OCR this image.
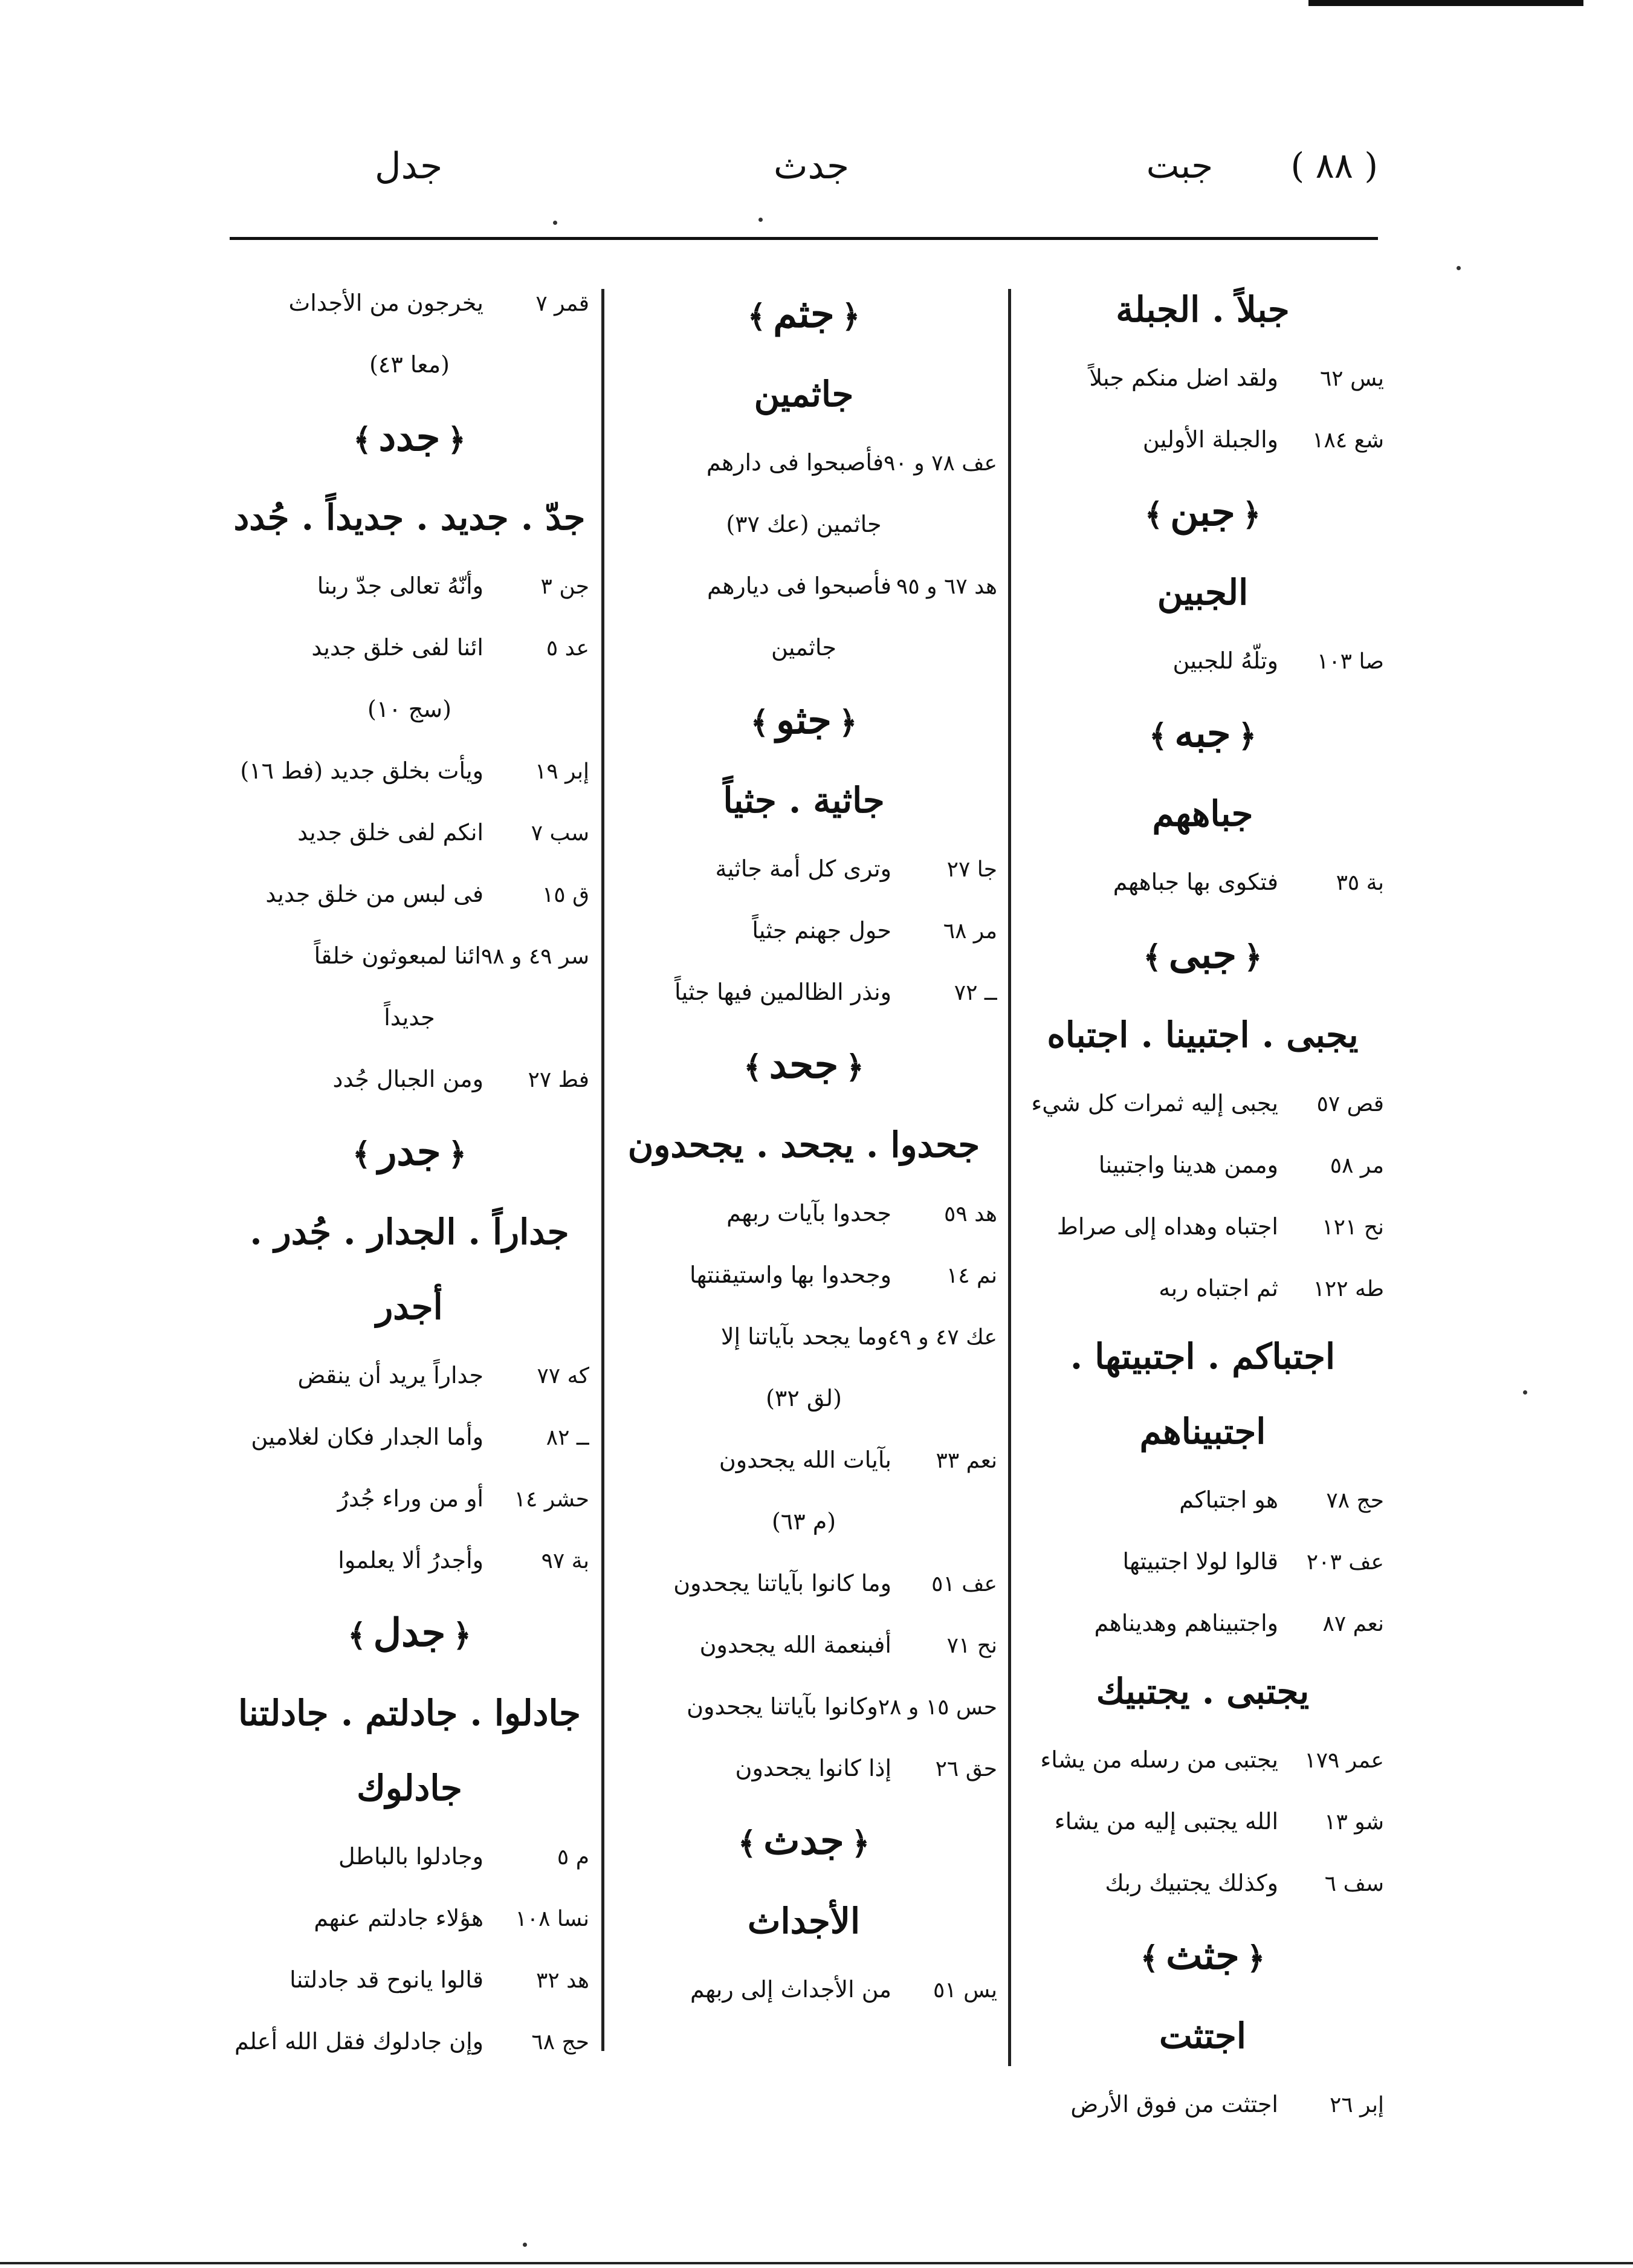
( ٨٨ ) جبت
جدث
جدل
جبلاً . الجبلة
يس ٦٢ولقد اضل منكم جبلاً
شع ١٨٤والجبلة الأولين
﴿جبن﴾
الجبين
صا ١٠٣وتلّهُ للجبين
﴿جبه﴾
جباههم
بة ٣٥فتكوى بها جباههم
﴿جبى﴾
يجبى . اجتبينا . اجتباه
قص ٥٧يجبى إليه ثمرات كل شيء
مر ٥٨وممن هدينا واجتبينا
نح ١٢١اجتباه وهداه إلى صراط
طه ١٢٢ثم اجتباه ربه
اجتباكم . اجتبيتها . اجتبيناهم
حج ٧٨هو اجتباكم
عف ٢٠٣قالوا لولا اجتبيتها
نعم ٨٧واجتبيناهم وهديناهم
يجتبى . يجتبيك
عمر ١٧٩يجتبى من رسله من يشاء
شو ١٣الله يجتبى إليه من يشاء
سف ٦وكذلك يجتبيك ربك
﴿جثث﴾
اجتثت
إبر ٢٦اجتثت من فوق الأرض
﴿جثم﴾
جاثمين
عف ٧٨ و ٩٠فأصبحوا فى دارهم
جاثمين (عك ٣٧)
هد ٦٧ و ٩٥فأصبحوا فى ديارهم
جاثمين
﴿جثو﴾
جاثية . جثياً
جا ٢٧وترى كل أمة جاثية
مر ٦٨حول جهنم جثياً
ــ ٧٢ونذر الظالمين فيها جثياً
﴿جحد﴾
جحدوا . يجحد . يجحدون
هد ٥٩جحدوا بآيات ربهم
نم ١٤وجحدوا بها واستيقنتها
عك ٤٧ و ٤٩وما يجحد بآياتنا إلا
(لق ٣٢)
نعم ٣٣بآيات الله يجحدون
(م ٦٣)
عف ٥١وما كانوا بآياتنا يجحدون
نح ٧١أفبنعمة الله يجحدون
حس ١٥ و ٢٨وكانوا بآياتنا يجحدون
حق ٢٦إذا كانوا يجحدون
﴿جدث﴾
الأجداث
يس ٥١من الأجداث إلى ربهم
قمر ٧يخرجون من الأجداث
(معا ٤٣)
﴿جدد﴾
جدّ . جديد . جديداً . جُدد
جن ٣وأنّهُ تعالى جدّ ربنا
عد ٥ائنا لفى خلق جديد
(سج ١٠)
إبر ١٩ويأت بخلق جديد (فط ١٦)
سب ٧انكم لفى خلق جديد
ق ١٥فى لبس من خلق جديد
سر ٤٩ و ٩٨ائنا لمبعوثون خلقاً
جديداً
فط ٢٧ومن الجبال جُدد
﴿جدر﴾
جداراً . الجدار . جُدر . أجدر
كه ٧٧جداراً يريد أن ينقض
ــ ٨٢وأما الجدار فكان لغلامين
حشر ١٤أو من وراء جُدرُ
بة ٩٧وأجدرُ ألا يعلموا
﴿جدل﴾
جادلوا . جادلتم . جادلتنا
جادلوك
م ٥وجادلوا بالباطل
نسا ١٠٨هؤلاء جادلتم عنهم
هد ٣٢قالوا يانوح قد جادلتنا
حج ٦٨وإن جادلوك فقل الله أعلم
